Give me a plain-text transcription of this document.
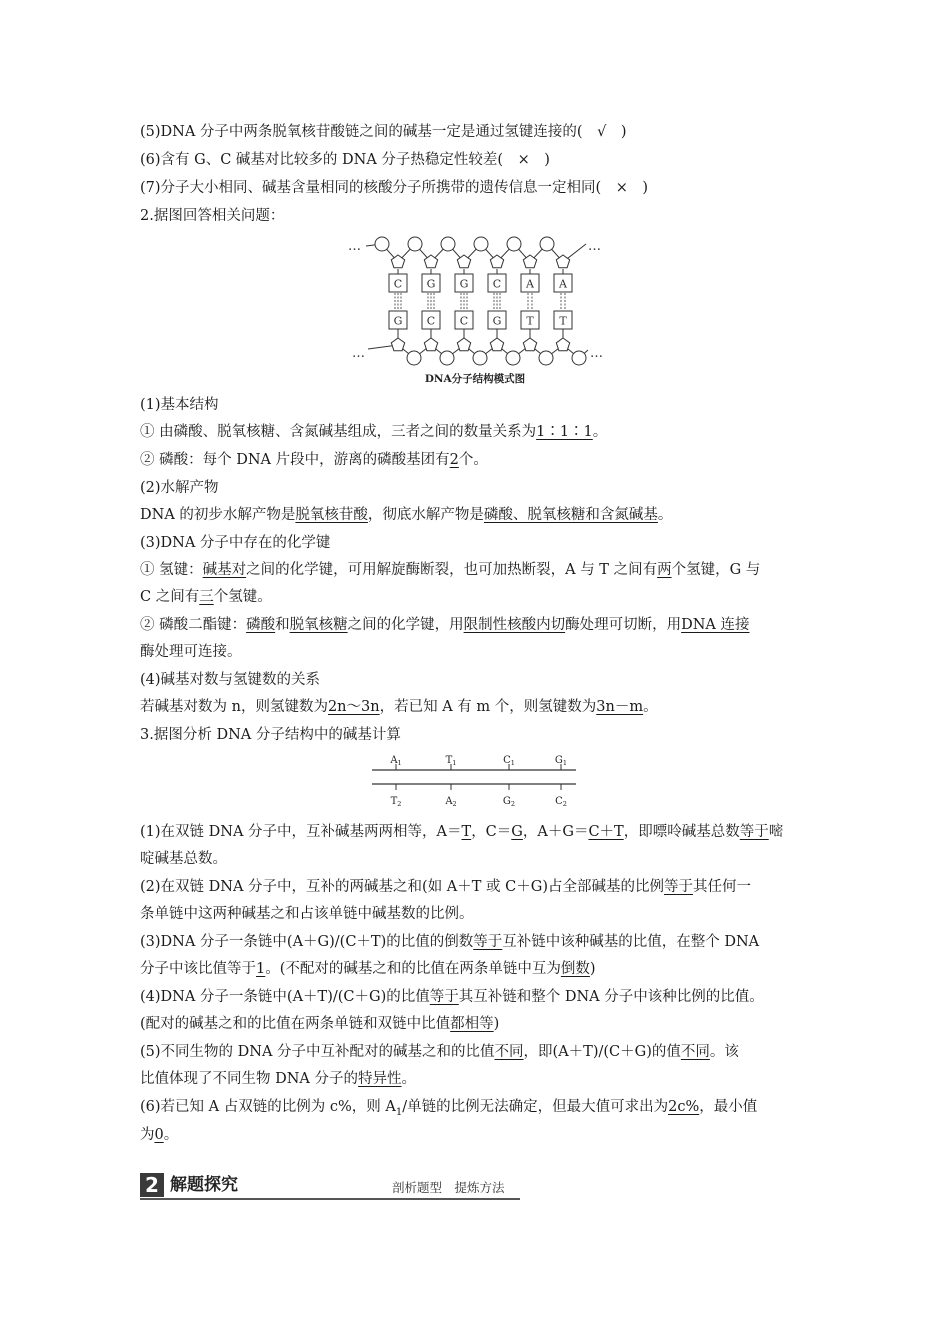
(5)DNA 分子中两条脱氧核苷酸链之间的碱基一定是通过氢键连接的(　√　)
(6)含有 G、C 碱基对比较多的 DNA 分子热稳定性较差(　×　)
(7)分子大小相同、碱基含量相同的核酸分子所携带的遗传信息一定相同(　×　)
2.据图回答相关问题：
…	…
…	…
C
G
G
C
G
C
C
G
A
T
A
T
DNA分子结构模式图
(1)基本结构
① 由磷酸、脱氧核糖、含氮碱基组成，三者之间的数量关系为1∶1∶1。
② 磷酸：每个 DNA 片段中，游离的磷酸基团有2个。
(2)水解产物
DNA 的初步水解产物是脱氧核苷酸，彻底水解产物是磷酸、脱氧核糖和含氮碱基。
(3)DNA 分子中存在的化学键
① 氢键：碱基对之间的化学键，可用解旋酶断裂，也可加热断裂，A 与 T 之间有两个氢键，G 与
C 之间有三个氢键。
② 磷酸二酯键：磷酸和脱氧核糖之间的化学键，用限制性核酸内切酶处理可切断，用DNA 连接
酶处理可连接。
(4)碱基对数与氢键数的关系
若碱基对数为 n，则氢键数为2n～3n，若已知 A 有 m 个，则氢键数为3n－m。
3.据图分析 DNA 分子结构中的碱基计算
$A_1$
$T_2$
$T_1$
$A_2$
$C_1$
$G_2$
$G_1$
$C_2$
(1)在双链 DNA 分子中，互补碱基两两相等，A＝T，C＝G，A＋G＝C＋T，即嘌呤碱基总数等于嘧
啶碱基总数。
(2)在双链 DNA 分子中，互补的两碱基之和(如 A＋T 或 C＋G)占全部碱基的比例等于其任何一
条单链中这两种碱基之和占该单链中碱基数的比例。
(3)DNA 分子一条链中(A＋G)/(C＋T)的比值的倒数等于互补链中该种碱基的比值，在整个 DNA
分子中该比值等于1。(不配对的碱基之和的比值在两条单链中互为倒数)
(4)DNA 分子一条链中(A＋T)/(C＋G)的比值等于其互补链和整个 DNA 分子中该种比例的比值。
(配对的碱基之和的比值在两条单链和双链中比值都相等)
(5)不同生物的 DNA 分子中互补配对的碱基之和的比值不同，即(A＋T)/(C＋G)的值不同。该
比值体现了不同生物 DNA 分子的特异性。
(6)若已知 A 占双链的比例为 c%，则 $A_1/$单链的比例无法确定，但最大值可求出为2c%，最小值
为0。
2 解题探究	剖析题型　提炼方法
